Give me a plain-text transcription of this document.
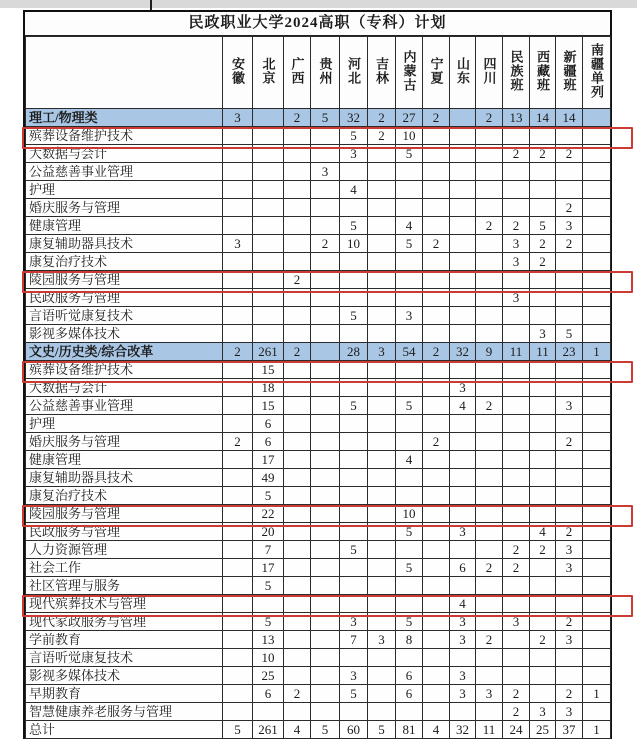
民政职业大学2024高职（专科）计划
	安徽	北京	广西	贵州	河北	吉林	内蒙古	宁夏	山东	四川	民族班	西藏班	新疆班	南疆单列
理工/物理类	3		2	5	32	2	27	2		2	13	14	14	
殡葬设备维护技术					5	2	10							
大数据与会计					3		5				2	2	2	
公益慈善事业管理				3										
护理					4									
婚庆服务与管理													2	
健康管理					5		4			2	2	5	3	
康复辅助器具技术	3			2	10		5	2			3	2	2	
康复治疗技术											3	2		
陵园服务与管理			2											
民政服务与管理											3			
言语听觉康复技术					5		3							
影视多媒体技术												3	5	
文史/历史类/综合改革	2	261	2		28	3	54	2	32	9	11	11	23	1
殡葬设备维护技术		15												
大数据与会计		18							3					
公益慈善事业管理		15			5		5		4	2			3	
护理		6												
婚庆服务与管理	2	6						2					2	
健康管理		17					4							
康复辅助器具技术		49												
康复治疗技术		5												
陵园服务与管理		22					10							
民政服务与管理		20					5		3			4	2	
人力资源管理		7			5						2	2	3	
社会工作		17					5		6	2	2		3	
社区管理与服务		5												
现代殡葬技术与管理									4					
现代家政服务与管理		5			3		5		3		3		2	
学前教育		13			7	3	8		3	2		2	3	
言语听觉康复技术		10												
影视多媒体技术		25			3		6		3					
早期教育		6	2		5		6		3	3	2		2	1
智慧健康养老服务与管理											2	3	3	
总计	5	261	4	5	60	5	81	4	32	11	24	25	37	1
